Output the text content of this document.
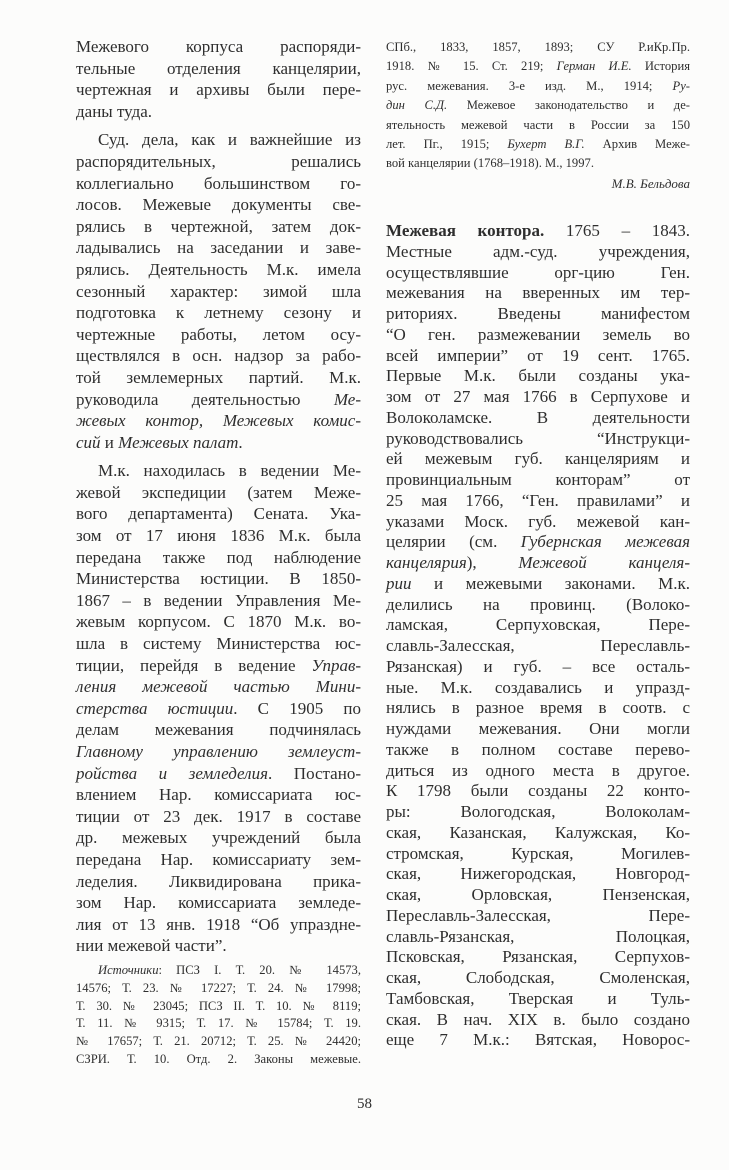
Межевого корпуса распоряди-
тельные отделения канцелярии,
чертежная и архивы были пере-
даны туда.
Суд. дела, как и важнейшие из
распорядительных, решались
коллегиально большинством го-
лосов. Межевые документы све-
рялись в чертежной, затем док-
ладывались на заседании и заве-
рялись. Деятельность М.к. имела
сезонный характер: зимой шла
подготовка к летнему сезону и
чертежные работы, летом осу-
ществлялся в осн. надзор за рабо-
той землемерных партий. М.к.
руководила деятельностью Ме-
жевых контор, Межевых комис-
сий и Межевых палат.
М.к. находилась в ведении Ме-
жевой экспедиции (затем Меже-
вого департамента) Сената. Ука-
зом от 17 июня 1836 М.к. была
передана также под наблюдение
Министерства юстиции. В 1850-
1867 – в ведении Управления Ме-
жевым корпусом. С 1870 М.к. во-
шла в систему Министерства юс-
тиции, перейдя в ведение Управ-
ления межевой частью Мини-
стерства юстиции. С 1905 по
делам межевания подчинялась
Главному управлению землеуст-
ройства и земледелия. Постано-
влением Нар. комиссариата юс-
тиции от 23 дек. 1917 в составе
др. межевых учреждений была
передана Нар. комиссариату зем-
леделия. Ликвидирована прика-
зом Нар. комиссариата земледе-
лия от 13 янв. 1918 “Об упраздне-
нии межевой части”.
Источники: ПСЗ I. Т. 20. № 14573,
14576; Т. 23. № 17227; Т. 24. № 17998;
Т. 30. № 23045; ПСЗ II. Т. 10. № 8119;
Т. 11. № 9315; Т. 17. № 15784; Т. 19.
№ 17657; Т. 21. 20712; Т. 25. № 24420;
СЗРИ. Т. 10. Отд. 2. Законы межевые.
СПб., 1833, 1857, 1893; СУ Р.иКр.Пр.
1918. № 15. Ст. 219; Герман И.Е. История
рус. межевания. 3-е изд. М., 1914; Ру-
дин С.Д. Межевое законодательство и де-
ятельность межевой части в России за 150
лет. Пг., 1915; Бухерт В.Г. Архив Меже-
вой канцелярии (1768–1918). М., 1997.
М.В. Бельдова
Межевая контора. 1765 – 1843.
Местные адм.-суд. учреждения,
осуществлявшие орг-цию Ген.
межевания на вверенных им тер-
риториях. Введены манифестом
“О ген. размежевании земель во
всей империи” от 19 сент. 1765.
Первые М.к. были созданы ука-
зом от 27 мая 1766 в Серпухове и
Волоколамске. В деятельности
руководствовались “Инструкци-
ей межевым губ. канцеляриям и
провинциальным конторам” от
25 мая 1766, “Ген. правилами” и
указами Моск. губ. межевой кан-
целярии (см. Губернская межевая
канцелярия), Межевой канцеля-
рии и межевыми законами. М.к.
делились на провинц. (Волоко-
ламская, Серпуховская, Пере-
славль-Залесская, Переславль-
Рязанская) и губ. – все осталь-
ные. М.к. создавались и упразд-
нялись в разное время в соотв. с
нуждами межевания. Они могли
также в полном составе перево-
диться из одного места в другое.
К 1798 были созданы 22 конто-
ры: Вологодская, Волоколам-
ская, Казанская, Калужская, Ко-
стромская, Курская, Могилев-
ская, Нижегородская, Новгород-
ская, Орловская, Пензенская,
Переславль-Залесская, Пере-
славль-Рязанская, Полоцкая,
Псковская, Рязанская, Серпухов-
ская, Слободская, Смоленская,
Тамбовская, Тверская и Туль-
ская. В нач. XIX в. было создано
еще 7 М.к.: Вятская, Новорос-
58
